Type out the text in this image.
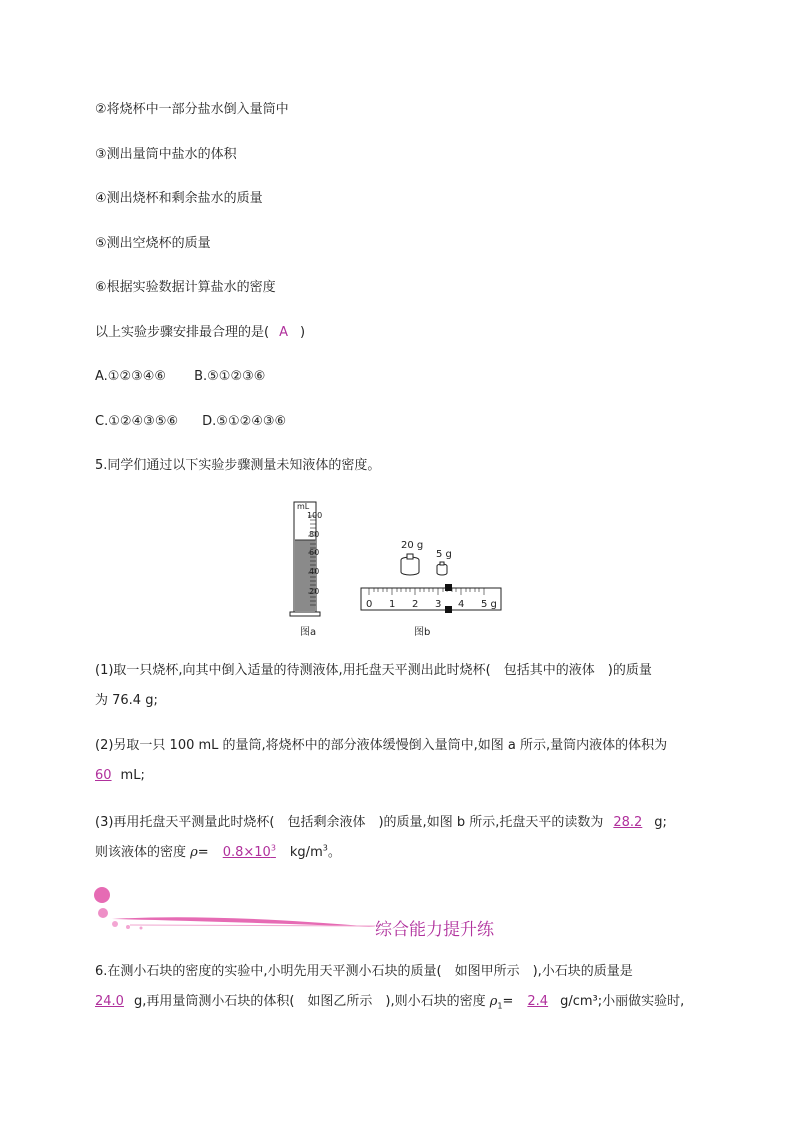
②将烧杯中一部分盐水倒入量筒中
③测出量筒中盐水的体积
④测出烧杯和剩余盐水的质量
⑤测出空烧杯的质量
⑥根据实验数据计算盐水的密度
以上实验步骤安排最合理的是( A )
A.①②③④⑥ B.⑤①②③⑥
C.①②④③⑤⑥ D.⑤①②④③⑥
5.同学们通过以下实验步骤测量未知液体的密度。
mL
100
80
60
40
20
图a
20 g
5 g
0 1 2 3 4 5 g
图b
(1)取一只烧杯,向其中倒入适量的待测液体,用托盘天平测出此时烧杯(　包括其中的液体　)的质量
为 76.4 g;
(2)另取一只 100 mL 的量筒,将烧杯中的部分液体缓慢倒入量筒中,如图 a 所示,量筒内液体的体积为
60 mL;
(3)再用托盘天平测量此时烧杯(　包括剩余液体　)的质量,如图 b 所示,托盘天平的读数为 28.2 g;
则该液体的密度 $\rho= 0.8\times 10^3$ $kg/m^3$。
综合能力提升练
6.在测小石块的密度的实验中,小明先用天平测小石块的质量(　如图甲所示　),小石块的质量是
24.0 g,再用量筒测小石块的体积(　如图乙所示　),则小石块的密度 $\rho_1= 2.4$ g/cm³;小丽做实验时,
